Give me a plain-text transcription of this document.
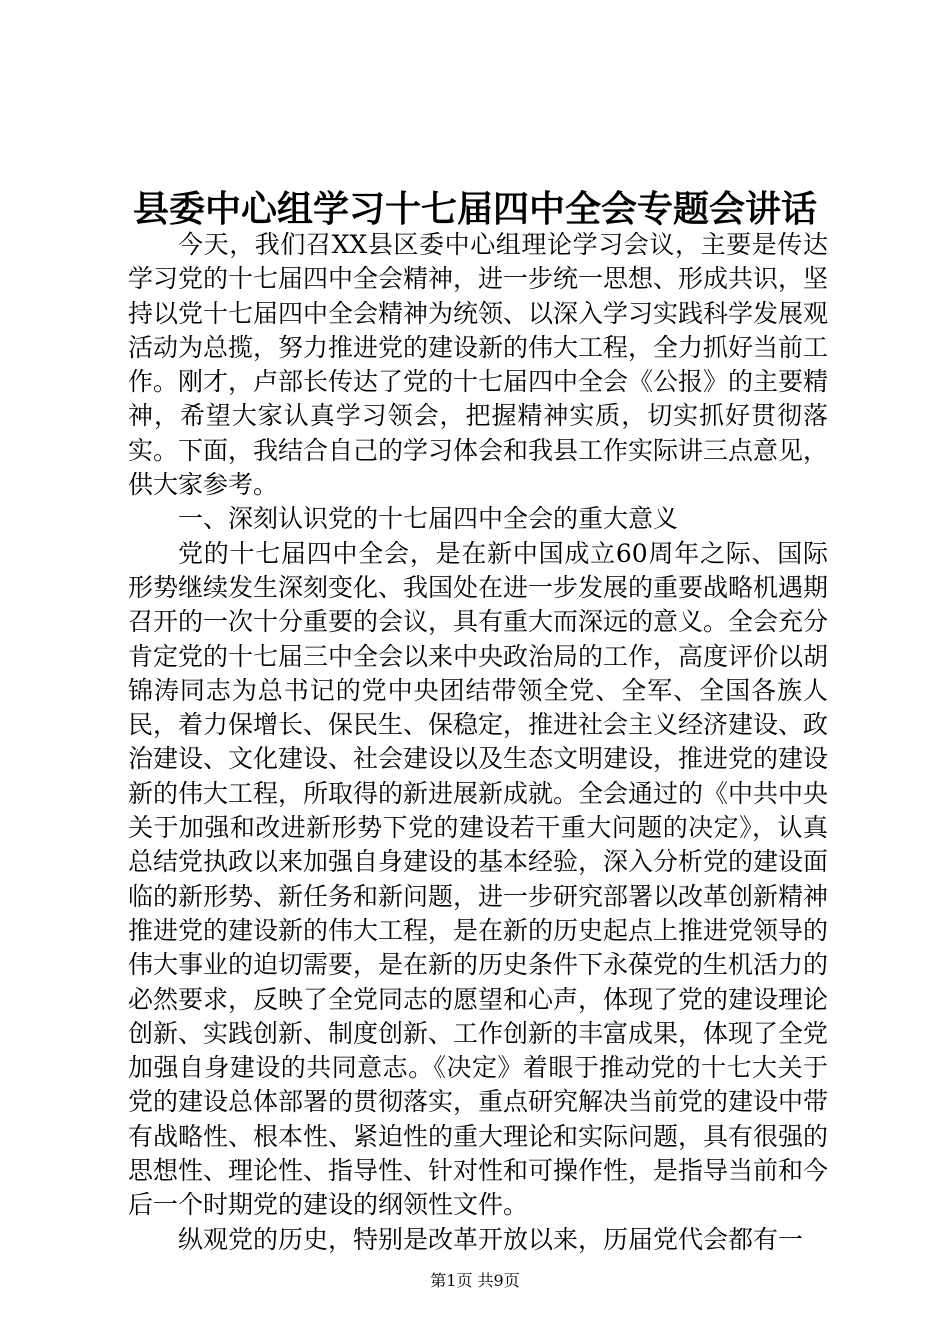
县委中心组学习十七届四中全会专题会讲话

今天，我们召XX县区委中心组理论学习会议，主要是传达学习党的十七届四中全会精神，进一步统一思想、形成共识，坚持以党十七届四中全会精神为统领、以深入学习实践科学发展观活动为总揽，努力推进党的建设新的伟大工程，全力抓好当前工作。刚才，卢部长传达了党的十七届四中全会《公报》的主要精神，希望大家认真学习领会，把握精神实质，切实抓好贯彻落实。下面，我结合自己的学习体会和我县工作实际讲三点意见，供大家参考。

一、深刻认识党的十七届四中全会的重大意义

党的十七届四中全会，是在新中国成立60周年之际、国际形势继续发生深刻变化、我国处在进一步发展的重要战略机遇期召开的一次十分重要的会议，具有重大而深远的意义。全会充分肯定党的十七届三中全会以来中央政治局的工作，高度评价以胡锦涛同志为总书记的党中央团结带领全党、全军、全国各族人民，着力保增长、保民生、保稳定，推进社会主义经济建设、政治建设、文化建设、社会建设以及生态文明建设，推进党的建设新的伟大工程，所取得的新进展新成就。全会通过的《中共中央关于加强和改进新形势下党的建设若干重大问题的决定》，认真总结党执政以来加强自身建设的基本经验，深入分析党的建设面临的新形势、新任务和新问题，进一步研究部署以改革创新精神推进党的建设新的伟大工程，是在新的历史起点上推进党领导的伟大事业的迫切需要，是在新的历史条件下永葆党的生机活力的必然要求，反映了全党同志的愿望和心声，体现了党的建设理论创新、实践创新、制度创新、工作创新的丰富成果，体现了全党加强自身建设的共同意志。《决定》着眼于推动党的十七大关于党的建设总体部署的贯彻落实，重点研究解决当前党的建设中带有战略性、根本性、紧迫性的重大理论和实际问题，具有很强的思想性、理论性、指导性、针对性和可操作性，是指导当前和今后一个时期党的建设的纲领性文件。

纵观党的历史，特别是改革开放以来，历届党代会都有一

第1页 共9页
